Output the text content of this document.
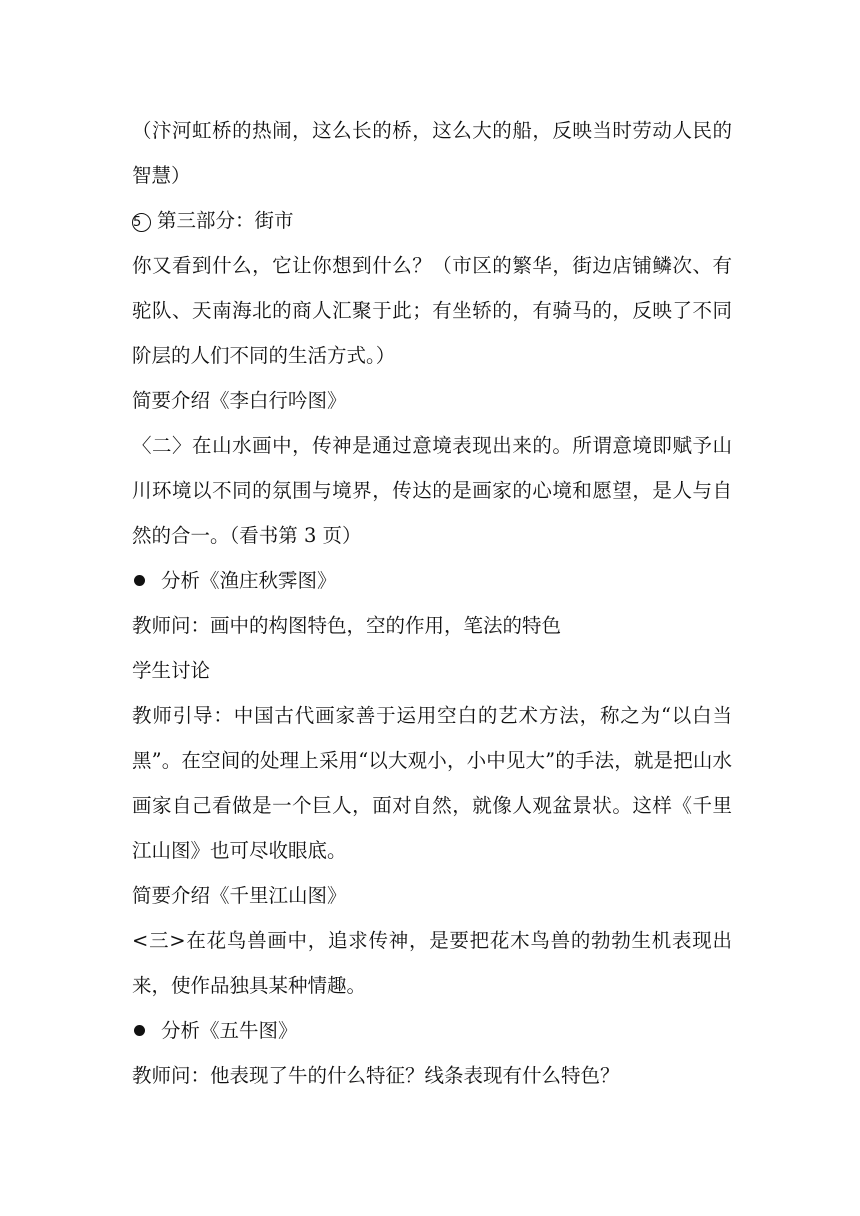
（汴河虹桥的热闹，这么长的桥，这么大的船，反映当时劳动人民的智慧）

5 第三部分：街市

你又看到什么，它让你想到什么？（市区的繁华，街边店铺鳞次、有驼队、天南海北的商人汇聚于此；有坐轿的，有骑马的，反映了不同阶层的人们不同的生活方式。）

简要介绍《李白行吟图》

〈二〉在山水画中，传神是通过意境表现出来的。所谓意境即赋予山川环境以不同的氛围与境界，传达的是画家的心境和愿望，是人与自然的合一。（看书第 3 页）

分析《渔庄秋霁图》

教师问：画中的构图特色，空的作用，笔法的特色

学生讨论

教师引导：中国古代画家善于运用空白的艺术方法，称之为“以白当黑”。在空间的处理上采用“以大观小，小中见大”的手法，就是把山水画家自己看做是一个巨人，面对自然，就像人观盆景状。这样《千里江山图》也可尽收眼底。

简要介绍《千里江山图》

<三>在花鸟兽画中，追求传神，是要把花木鸟兽的勃勃生机表现出来，使作品独具某种情趣。

分析《五牛图》

教师问：他表现了牛的什么特征？线条表现有什么特色？
